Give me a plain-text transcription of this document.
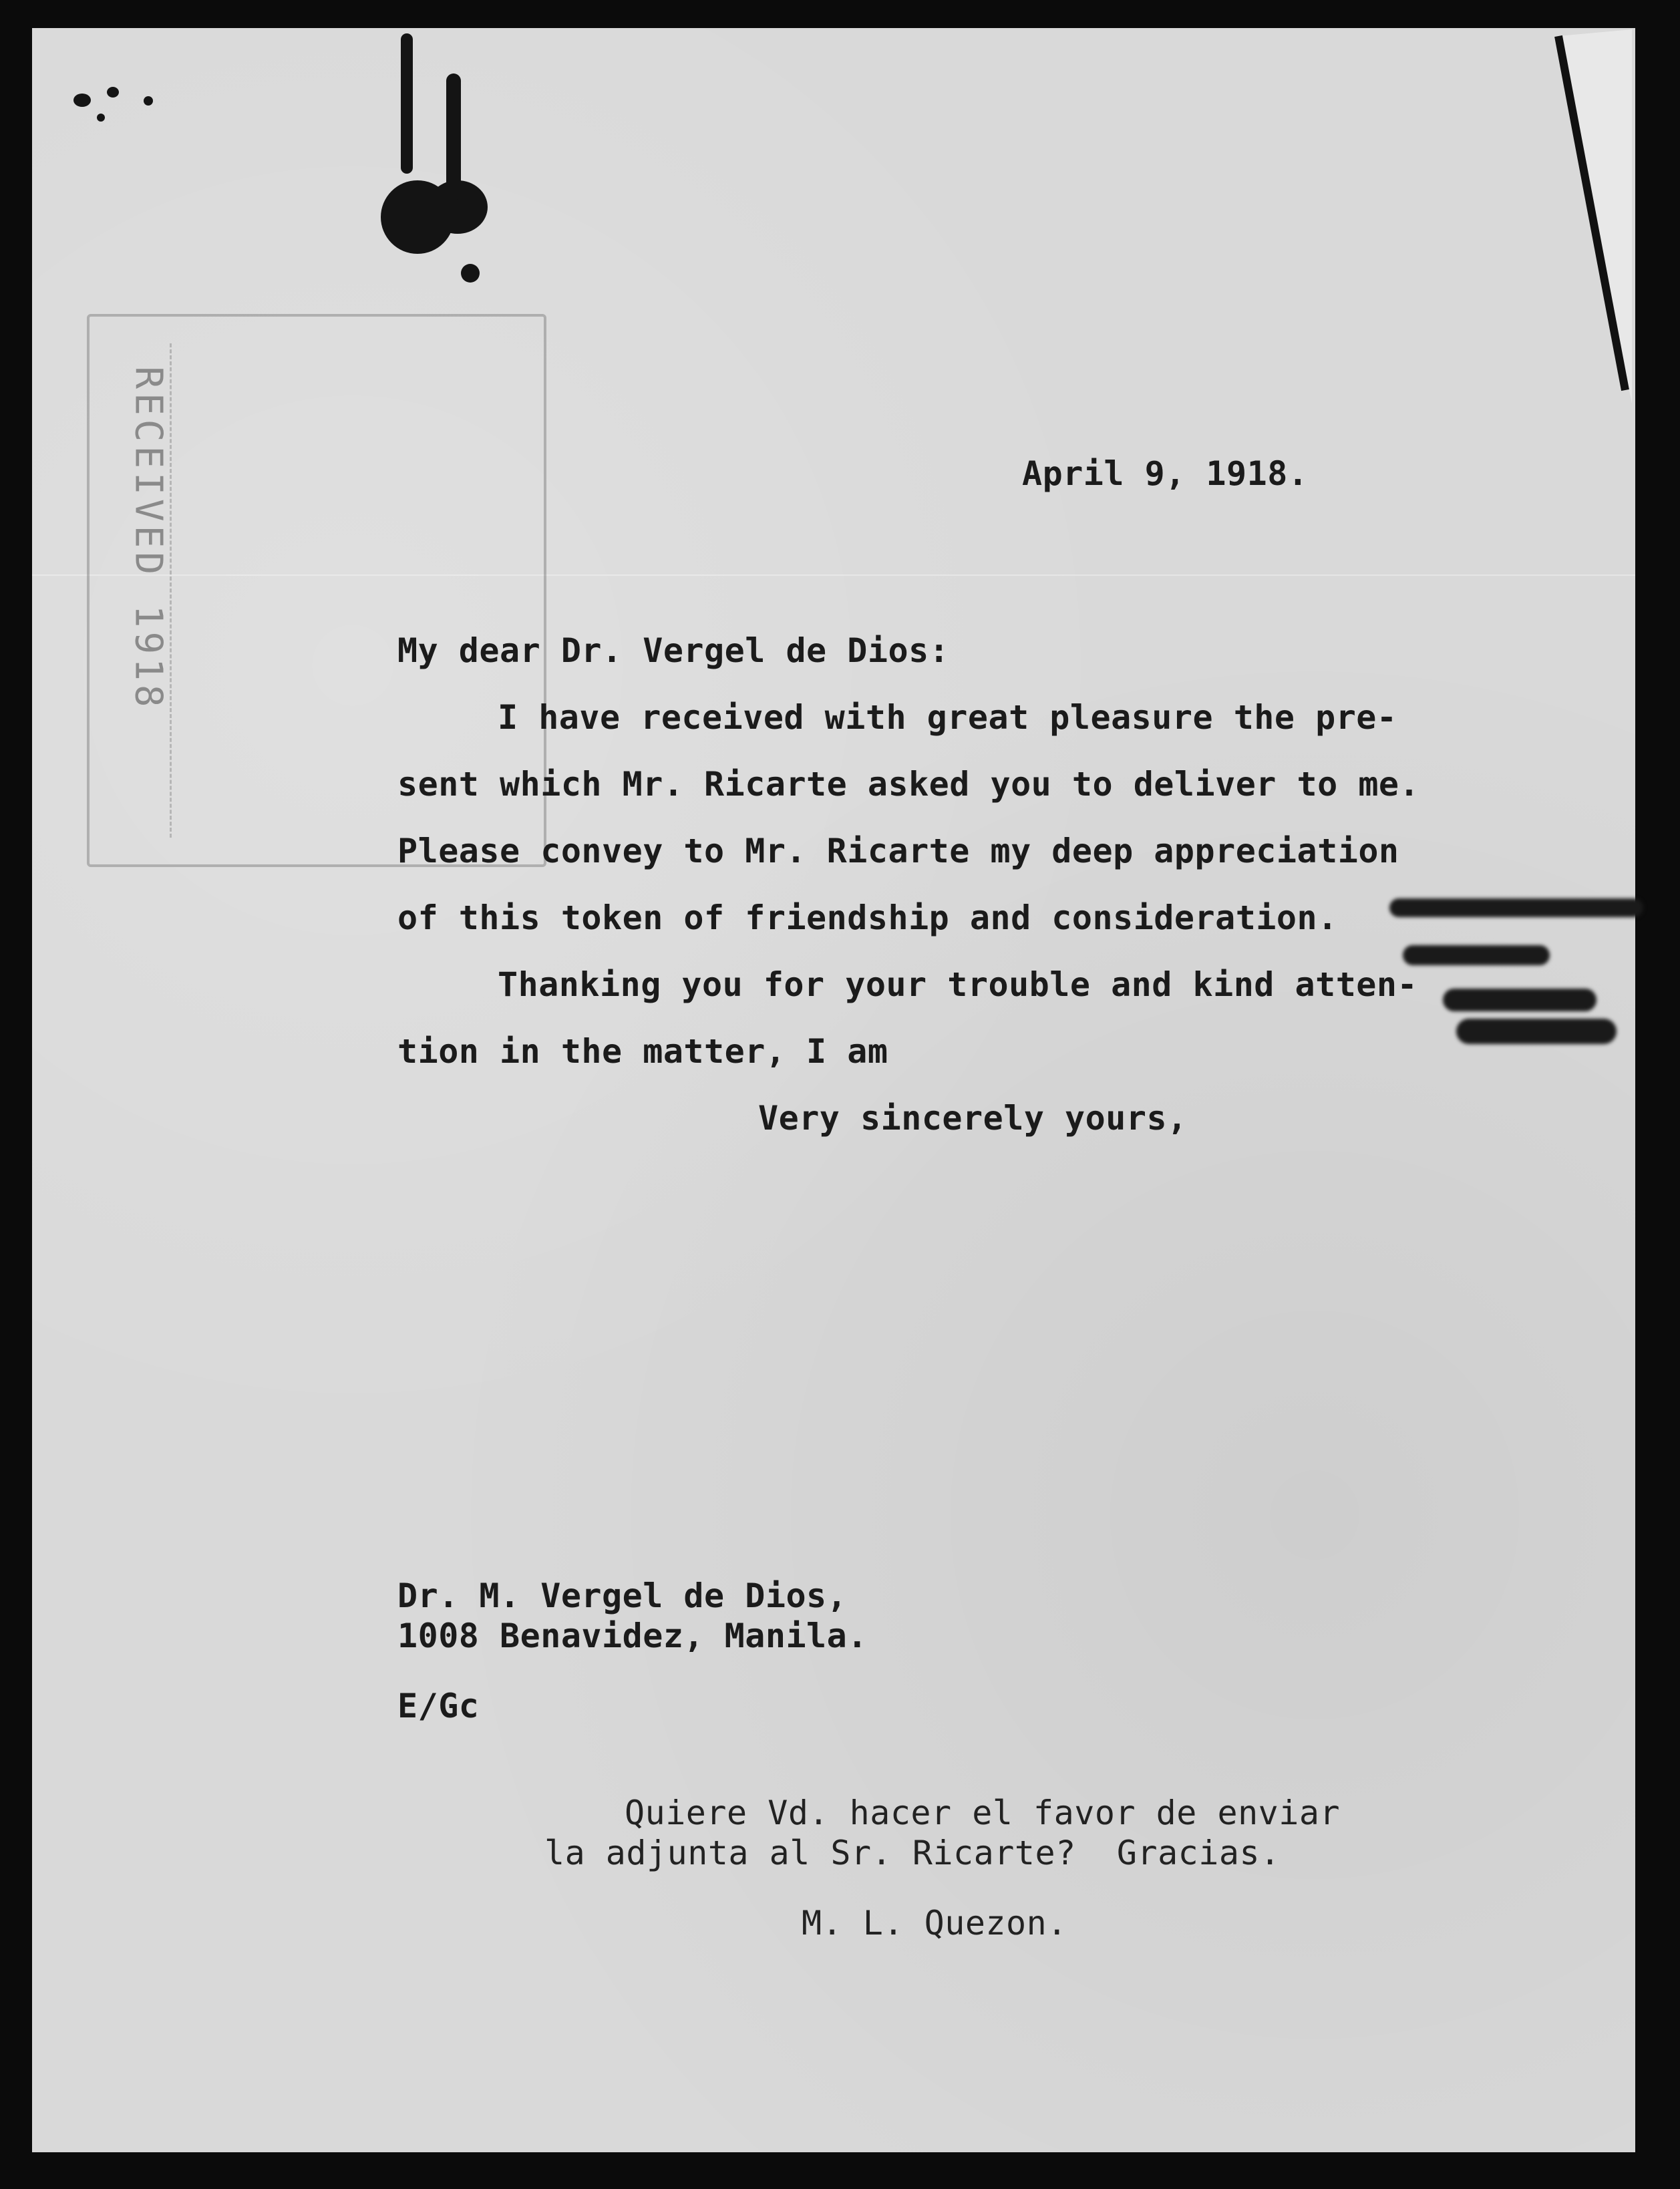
RECEIVED 1918	April 9, 1918.
My dear Dr. Vergel de Dios:
I have received with great pleasure the pre-
sent which Mr. Ricarte asked you to deliver to me.
Please convey to Mr. Ricarte my deep appreciation
of this token of friendship and consideration.
Thanking you for your trouble and kind atten-
tion in the matter, I am
Very sincerely yours,
Dr. M. Vergel de Dios,
1008 Benavidez, Manila.
E/Gc
Quiere Vd. hacer el favor de enviar
la adjunta al Sr. Ricarte?  Gracias.
M. L. Quezon.
